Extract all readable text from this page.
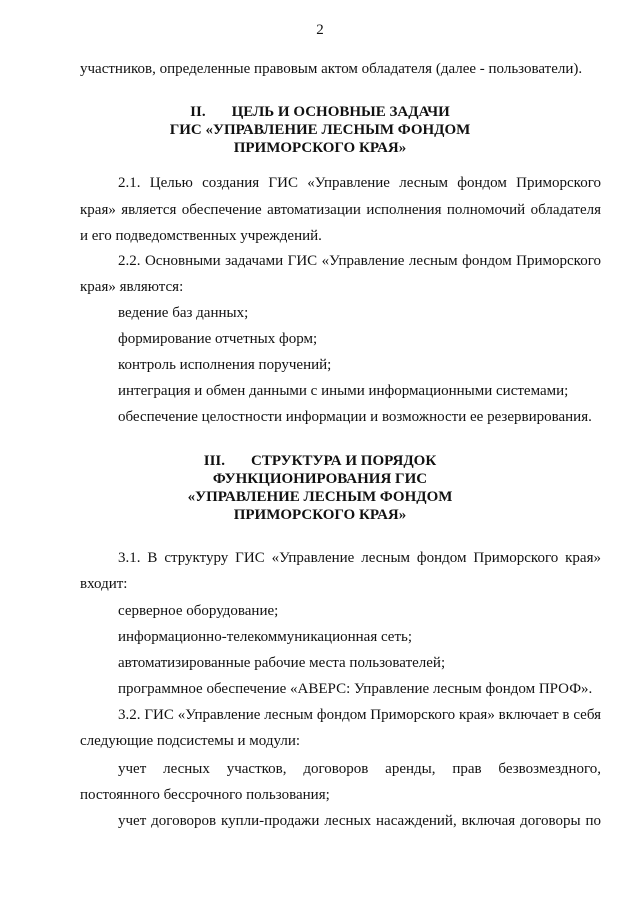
2
участников, определенные правовым актом обладателя (далее - пользователи).
II. ЦЕЛЬ И ОСНОВНЫЕ ЗАДАЧИ
ГИС «УПРАВЛЕНИЕ ЛЕСНЫМ ФОНДОМ
ПРИМОРСКОГО КРАЯ»
2.1. Целью создания ГИС «Управление лесным фондом Приморского
края» является обеспечение автоматизации исполнения полномочий обладателя
и его подведомственных учреждений.
2.2. Основными задачами ГИС «Управление лесным фондом Приморского
края» являются:
ведение баз данных;
формирование отчетных форм;
контроль исполнения поручений;
интеграция и обмен данными с иными информационными системами;
обеспечение целостности информации и возможности ее резервирования.
III. СТРУКТУРА И ПОРЯДОК
ФУНКЦИОНИРОВАНИЯ ГИС
«УПРАВЛЕНИЕ ЛЕСНЫМ ФОНДОМ
ПРИМОРСКОГО КРАЯ»
3.1. В структуру ГИС «Управление лесным фондом Приморского края»
входит:
серверное оборудование;
информационно-телекоммуникационная сеть;
автоматизированные рабочие места пользователей;
программное обеспечение «АВЕРС: Управление лесным фондом ПРОФ».
3.2. ГИС «Управление лесным фондом Приморского края» включает в себя
следующие подсистемы и модули:
учет лесных участков, договоров аренды, прав безвозмездного,
постоянного бессрочного пользования;
учет договоров купли-продажи лесных насаждений, включая договоры по
